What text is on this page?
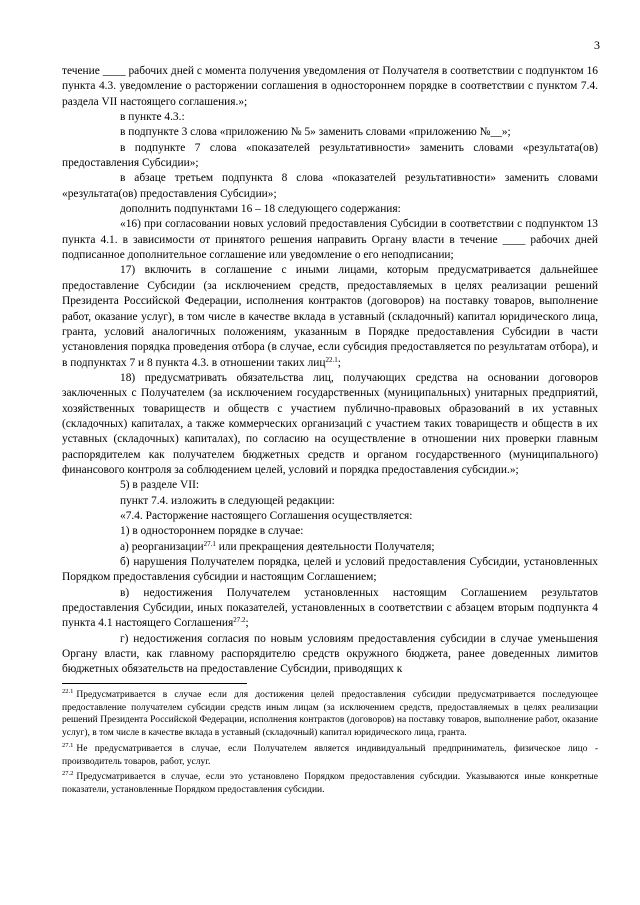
3

течение ____ рабочих дней с момента получения уведомления от Получателя в соответствии с подпунктом 16 пункта 4.3. уведомление о расторжении соглашения в одностороннем порядке в соответствии с пунктом 7.4. раздела VII настоящего соглашения.»;

в пункте 4.3.:

в подпункте 3 слова «приложению № 5» заменить словами «приложению №__»;

в подпункте 7 слова «показателей результативности» заменить словами «результата(ов) предоставления Субсидии»;

в абзаце третьем подпункта 8 слова «показателей результативности» заменить словами «результата(ов) предоставления Субсидии»;

дополнить подпунктами 16 – 18 следующего содержания:

«16) при согласовании новых условий предоставления Субсидии в соответствии с подпунктом 13 пункта 4.1. в зависимости от принятого решения направить Органу власти в течение ____ рабочих дней подписанное дополнительное соглашение или уведомление о его неподписании;

17) включить в соглашение с иными лицами, которым предусматривается дальнейшее предоставление Субсидии (за исключением средств, предоставляемых в целях реализации решений Президента Российской Федерации, исполнения контрактов (договоров) на поставку товаров, выполнение работ, оказание услуг), в том числе в качестве вклада в уставный (складочный) капитал юридического лица, гранта, условий аналогичных положениям, указанным в Порядке предоставления Субсидии в части установления порядка проведения отбора (в случае, если субсидия предоставляется по результатам отбора), и в подпунктах 7 и 8 пункта 4.3. в отношении таких лиц$^{22.1}$;

18) предусматривать обязательства лиц, получающих средства на основании договоров заключенных с Получателем (за исключением государственных (муниципальных) унитарных предприятий, хозяйственных товариществ и обществ с участием публично-правовых образований в их уставных (складочных) капиталах, а также коммерческих организаций с участием таких товариществ и обществ в их уставных (складочных) капиталах), по согласию на осуществление в отношении них проверки главным распорядителем как получателем бюджетных средств и органом государственного (муниципального) финансового контроля за соблюдением целей, условий и порядка предоставления субсидии.»;

5) в разделе VII:

пункт 7.4. изложить в следующей редакции:

«7.4. Расторжение настоящего Соглашения осуществляется:

1) в одностороннем порядке в случае:

а) реорганизации$^{27.1}$ или прекращения деятельности Получателя;

б) нарушения Получателем порядка, целей и условий предоставления Субсидии, установленных Порядком предоставления субсидии и настоящим Соглашением;

в) недостижения Получателем установленных настоящим Соглашением результатов предоставления Субсидии, иных показателей, установленных в соответствии с абзацем вторым подпункта 4 пункта 4.1 настоящего Соглашения$^{27.2}$;

г) недостижения согласия по новым условиям предоставления субсидии в случае уменьшения Органу власти, как главному распорядителю средств окружного бюджета, ранее доведенных лимитов бюджетных обязательств на предоставление Субсидии, приводящих к

$^{22.1}$ Предусматривается в случае если для достижения целей предоставления субсидии предусматривается последующее предоставление получателем субсидии средств иным лицам (за исключением средств, предоставляемых в целях реализации решений Президента Российской Федерации, исполнения контрактов (договоров) на поставку товаров, выполнение работ, оказание услуг), в том числе в качестве вклада в уставный (складочный) капитал юридического лица, гранта.

$^{27.1}$ Не предусматривается в случае, если Получателем является индивидуальный предприниматель, физическое лицо - производитель товаров, работ, услуг.

$^{27.2}$ Предусматривается в случае, если это установлено Порядком предоставления субсидии. Указываются иные конкретные показатели, установленные Порядком предоставления субсидии.
